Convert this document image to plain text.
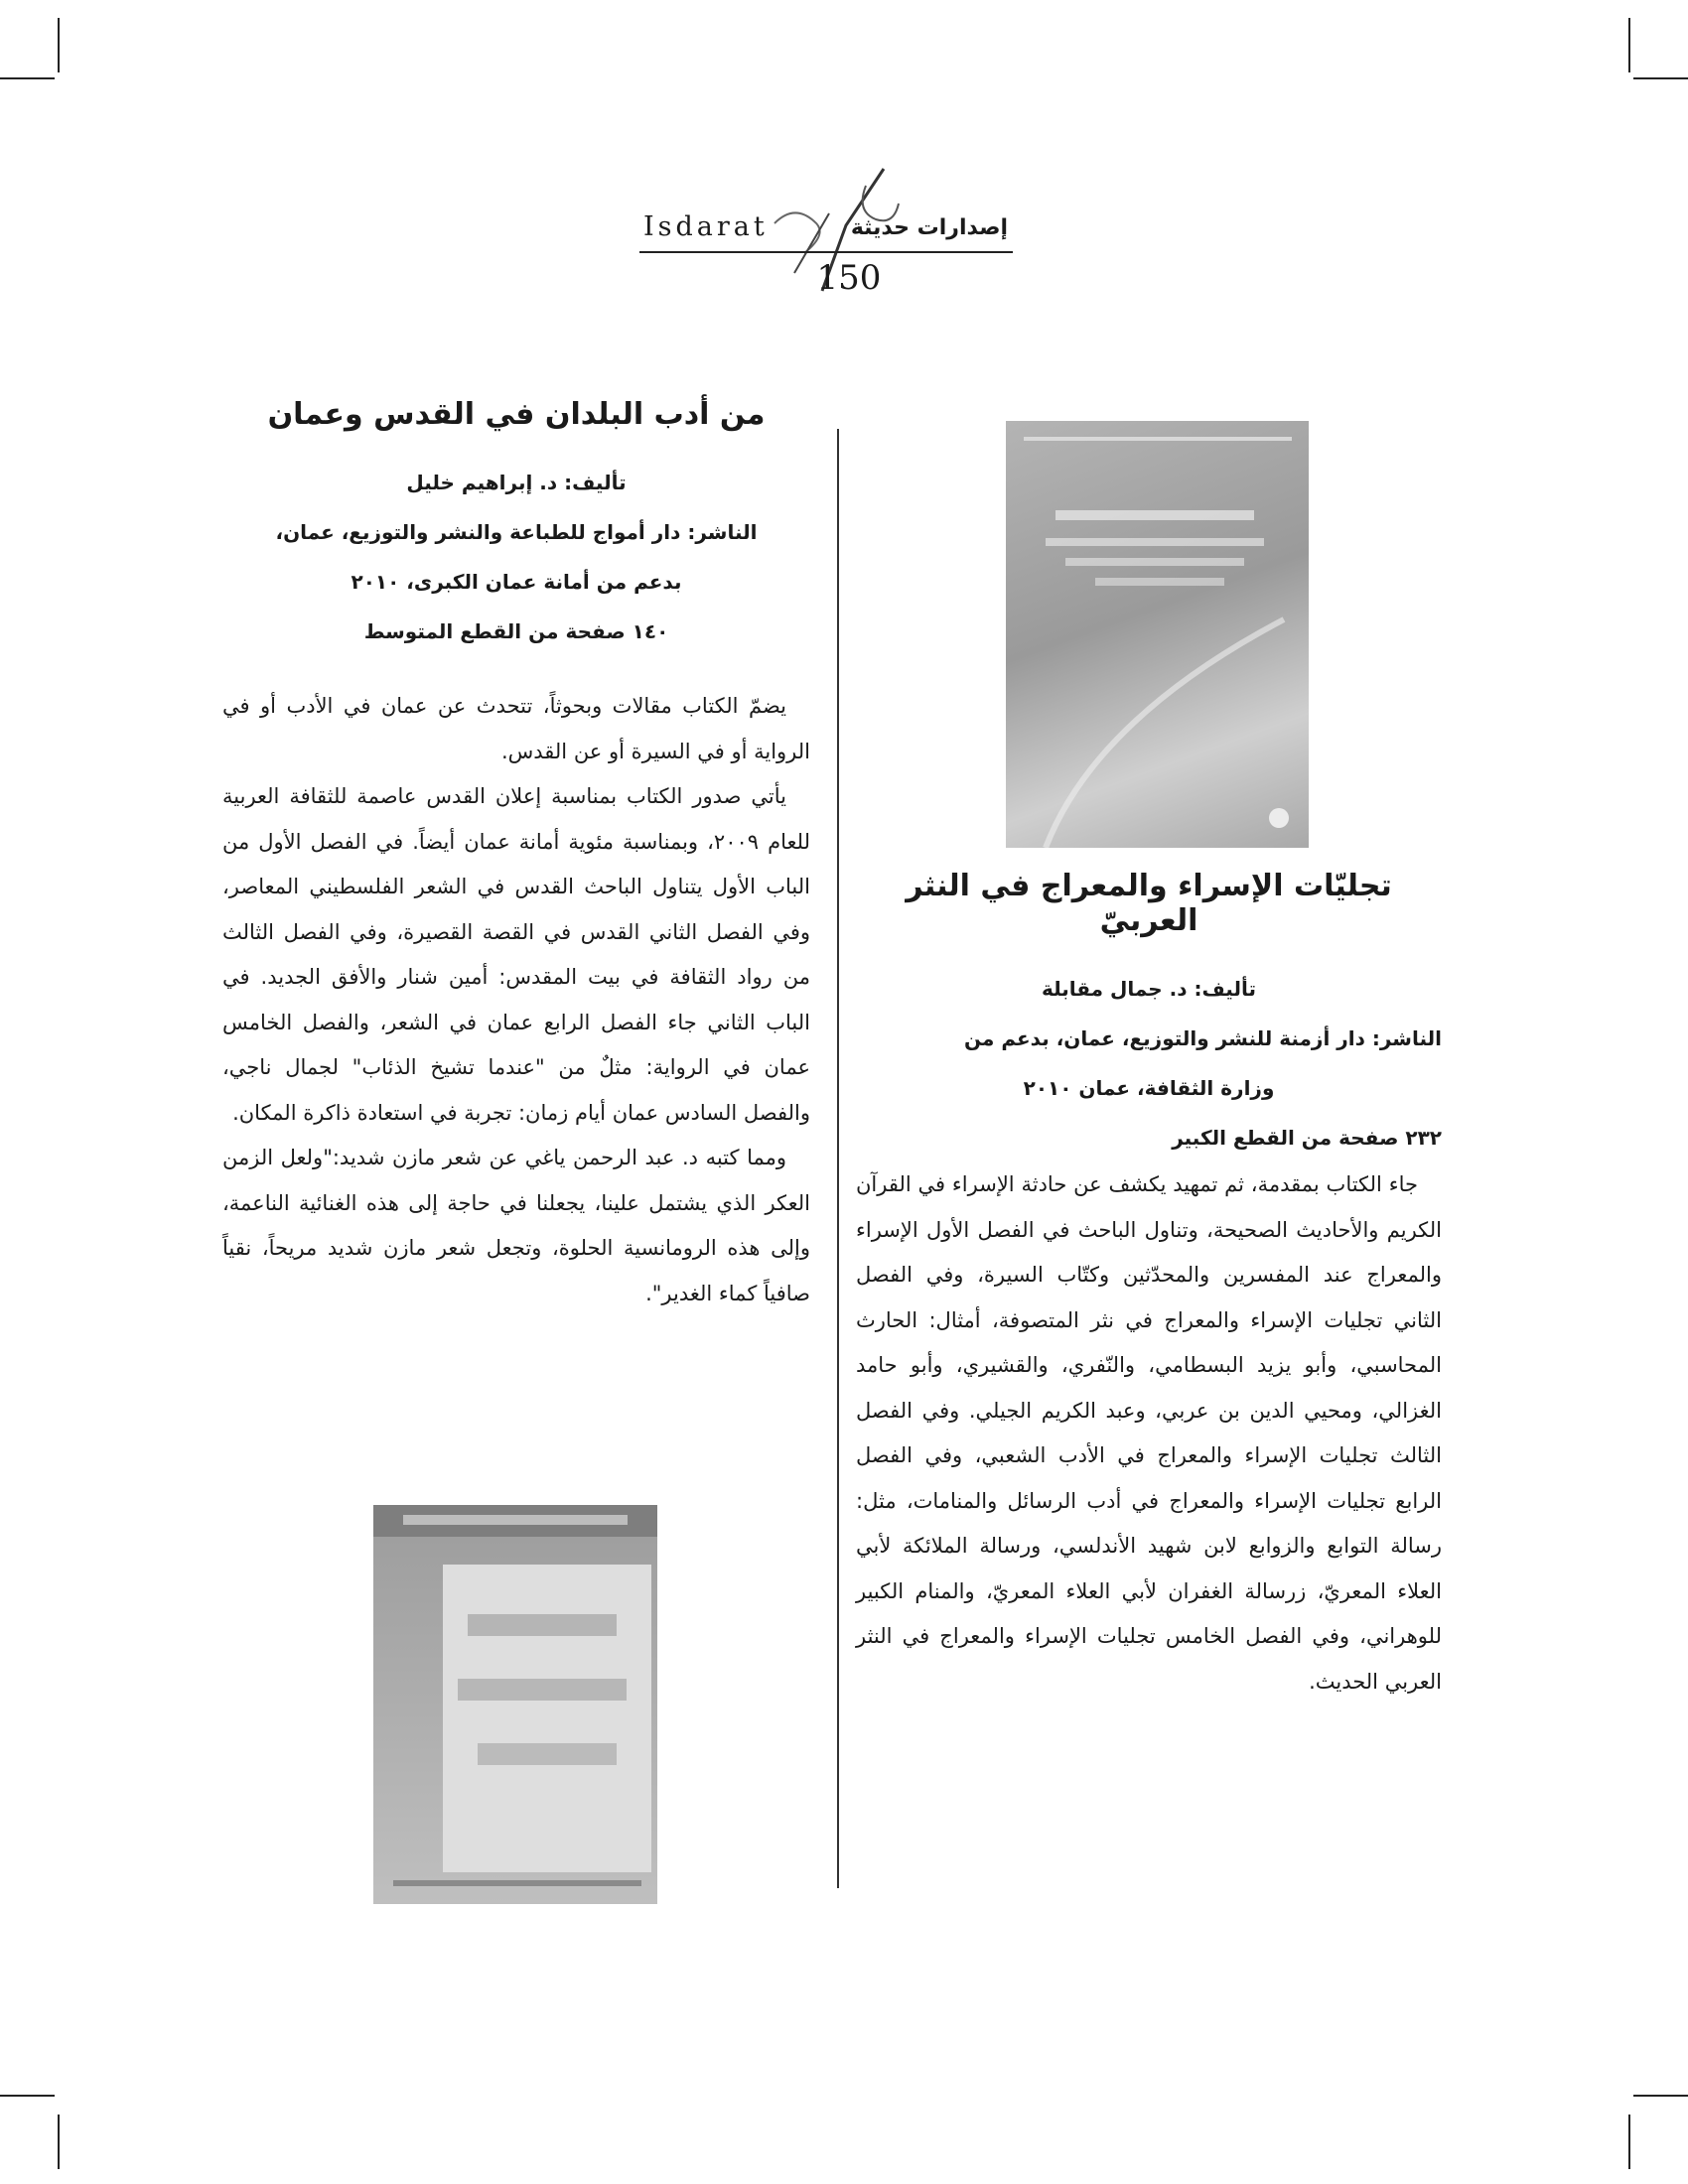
Isdarat	إصدارات حديثة
150
تجليّات الإسراء والمعراج في النثر العربيّ

تأليف: د. جمال مقابلة

الناشر: دار أزمنة للنشر والتوزيع، عمان، بدعم من

وزارة الثقافة، عمان ٢٠١٠

٢٣٢ صفحة من القطع الكبير

جاء الكتاب بمقدمة، ثم تمهيد يكشف عن حادثة الإسراء في القرآن الكريم والأحاديث الصحيحة، وتناول الباحث في الفصل الأول الإسراء والمعراج عند المفسرين والمحدّثين وكتّاب السيرة، وفي الفصل الثاني تجليات الإسراء والمعراج في نثر المتصوفة، أمثال: الحارث المحاسبي، وأبو يزيد البسطامي، والنّفري، والقشيري، وأبو حامد الغزالي، ومحيي الدين بن عربي، وعبد الكريم الجيلي. وفي الفصل الثالث تجليات الإسراء والمعراج في الأدب الشعبي، وفي الفصل الرابع تجليات الإسراء والمعراج في أدب الرسائل والمنامات، مثل: رسالة التوابع والزوابع لابن شهيد الأندلسي، ورسالة الملائكة لأبي العلاء المعريّ، زرسالة الغفران لأبي العلاء المعريّ، والمنام الكبير للوهراني، وفي الفصل الخامس تجليات الإسراء والمعراج في النثر العربي الحديث.

من أدب البلدان في القدس وعمان

تأليف: د. إبراهيم خليل

الناشر: دار أمواج للطباعة والنشر والتوزيع، عمان،

بدعم من أمانة عمان الكبرى، ٢٠١٠

١٤٠ صفحة من القطع المتوسط

يضمّ الكتاب مقالات وبحوثاً، تتحدث عن عمان في الأدب أو في الرواية أو في السيرة أو عن القدس.

يأتي صدور الكتاب بمناسبة إعلان القدس عاصمة للثقافة العربية للعام ٢٠٠٩، وبمناسبة مئوية أمانة عمان أيضاً. في الفصل الأول من الباب الأول يتناول الباحث القدس في الشعر الفلسطيني المعاصر، وفي الفصل الثاني القدس في القصة القصيرة، وفي الفصل الثالث من رواد الثقافة في بيت المقدس: أمين شنار والأفق الجديد. في الباب الثاني جاء الفصل الرابع عمان في الشعر، والفصل الخامس عمان في الرواية: مثلٌ من "عندما تشيخ الذئاب" لجمال ناجي، والفصل السادس عمان أيام زمان: تجربة في استعادة ذاكرة المكان.

ومما كتبه د. عبد الرحمن ياغي عن شعر مازن شديد:"ولعل الزمن العكر الذي يشتمل علينا، يجعلنا في حاجة إلى هذه الغنائية الناعمة، وإلى هذه الرومانسية الحلوة، وتجعل شعر مازن شديد مريحاً، نقياً صافياً كماء الغدير".
